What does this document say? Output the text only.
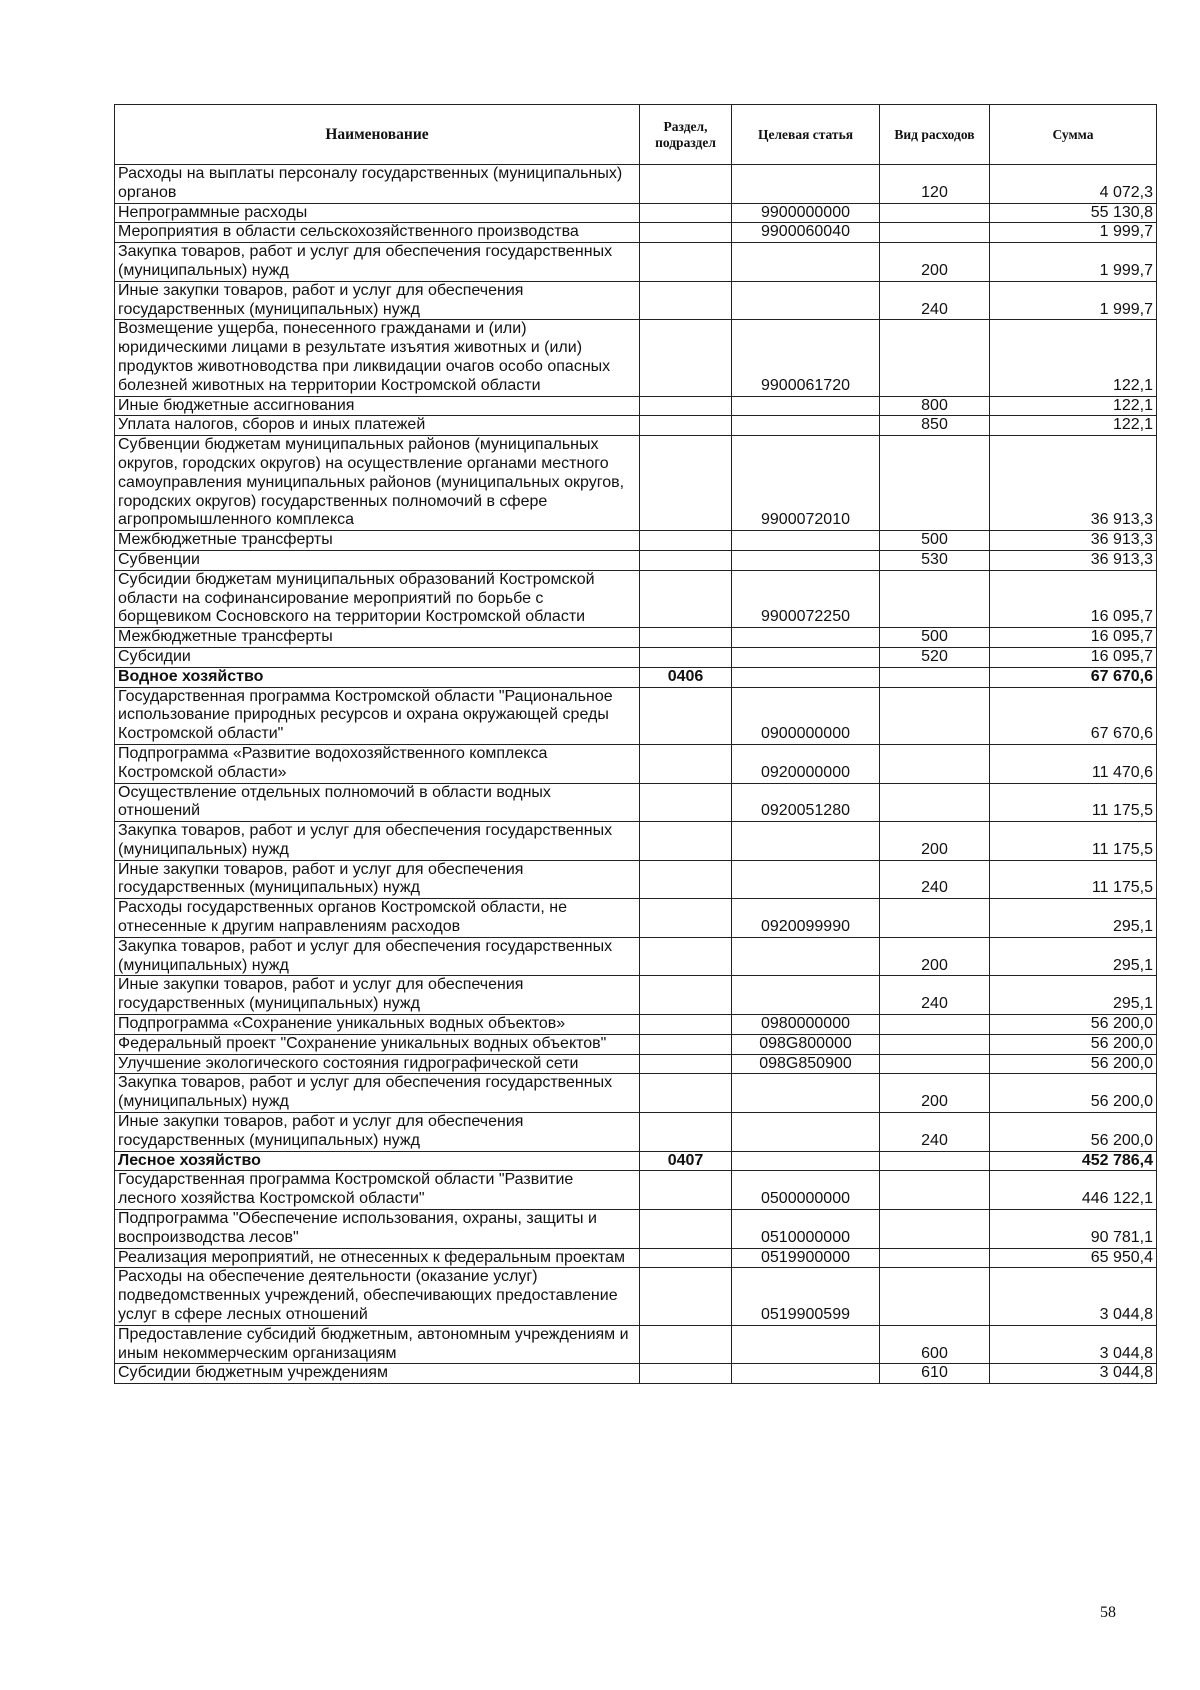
Наименование	Раздел, подраздел	Целевая статья	Вид расходов	Сумма
Расходы на выплаты персоналу государственных (муниципальных) органов			120	4 072,3
Непрограммные расходы		9900000000		55 130,8
Мероприятия в области сельскохозяйственного производства		9900060040		1 999,7
Закупка товаров, работ и услуг для обеспечения государственных (муниципальных) нужд			200	1 999,7
Иные закупки товаров, работ и услуг для обеспечения государственных (муниципальных) нужд			240	1 999,7
Возмещение ущерба, понесенного гражданами и (или) юридическими лицами в результате изъятия животных и (или) продуктов животноводства при ликвидации очагов особо опасных болезней животных на территории Костромской области		9900061720		122,1
Иные бюджетные ассигнования			800	122,1
Уплата налогов, сборов и иных платежей			850	122,1
Субвенции бюджетам муниципальных районов (муниципальных округов, городских округов) на осуществление органами местного самоуправления муниципальных районов (муниципальных округов, городских округов) государственных полномочий в сфере агропромышленного комплекса		9900072010		36 913,3
Межбюджетные трансферты			500	36 913,3
Субвенции			530	36 913,3
Субсидии бюджетам муниципальных образований Костромской области на софинансирование мероприятий по борьбе с борщевиком Сосновского на территории Костромской области		9900072250		16 095,7
Межбюджетные трансферты			500	16 095,7
Субсидии			520	16 095,7
Водное хозяйство	0406			67 670,6
Государственная программа Костромской области "Рациональное использование природных ресурсов и охрана окружающей среды Костромской области"		0900000000		67 670,6
Подпрограмма «Развитие водохозяйственного комплекса Костромской области»		0920000000		11 470,6
Осуществление отдельных полномочий в области водных отношений		0920051280		11 175,5
Закупка товаров, работ и услуг для обеспечения государственных (муниципальных) нужд			200	11 175,5
Иные закупки товаров, работ и услуг для обеспечения государственных (муниципальных) нужд			240	11 175,5
Расходы государственных органов Костромской области, не отнесенные к другим направлениям расходов		0920099990		295,1
Закупка товаров, работ и услуг для обеспечения государственных (муниципальных) нужд			200	295,1
Иные закупки товаров, работ и услуг для обеспечения государственных (муниципальных) нужд			240	295,1
Подпрограмма «Сохранение уникальных водных объектов»		0980000000		56 200,0
Федеральный проект "Сохранение уникальных водных объектов"		098G800000		56 200,0
Улучшение экологического состояния гидрографической сети		098G850900		56 200,0
Закупка товаров, работ и услуг для обеспечения государственных (муниципальных) нужд			200	56 200,0
Иные закупки товаров, работ и услуг для обеспечения государственных (муниципальных) нужд			240	56 200,0
Лесное хозяйство	0407			452 786,4
Государственная программа Костромской области "Развитие лесного хозяйства Костромской области"		0500000000		446 122,1
Подпрограмма "Обеспечение использования, охраны, защиты и воспроизводства лесов"		0510000000		90 781,1
Реализация мероприятий, не отнесенных к федеральным проектам		0519900000		65 950,4
Расходы на обеспечение деятельности (оказание услуг) подведомственных учреждений, обеспечивающих предоставление услуг в сфере лесных отношений		0519900599		3 044,8
Предоставление субсидий бюджетным, автономным учреждениям и иным некоммерческим организациям			600	3 044,8
Субсидии бюджетным учреждениям			610	3 044,8
58
